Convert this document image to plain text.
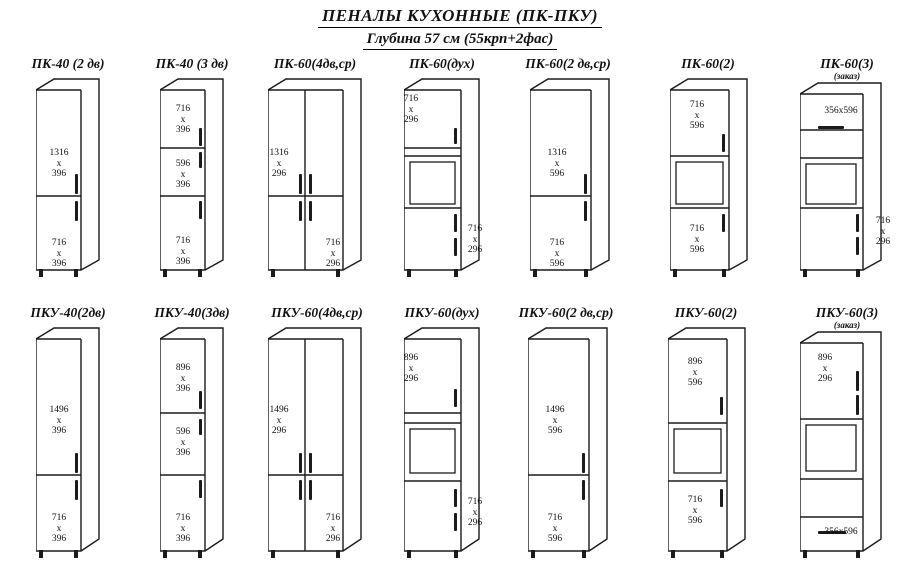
ПЕНАЛЫ КУХОННЫЕ (ПК-ПКУ)
Глубина 57 см (55крп+2фас)
ПК-40 (2 дв)
1316
x
396
716
x
396
ПК-40 (3 дв)
716
x
396
596
x
396
716
x
396
ПК-60(4дв,ср)
1316
x
296
716
x
296
ПК-60(дух)
716
x
296
716
x
296
ПК-60(2 дв,ср)
1316
x
596
716
x
596
ПК-60(2)
716
x
596
716
x
596
ПК-60(3)
(заказ)
356x596
716
x
296
ПКУ-40(2дв)
1496
x
396
716
x
396
ПКУ-40(3дв)
896
x
396
596
x
396
716
x
396
ПКУ-60(4дв,ср)
1496
x
296
716
x
296
ПКУ-60(дух)
896
x
296
716
x
296
ПКУ-60(2 дв,ср)
1496
x
596
716
x
596
ПКУ-60(2)
896
x
596
716
x
596
ПКУ-60(3)
(заказ)
896
x
296
356x596
